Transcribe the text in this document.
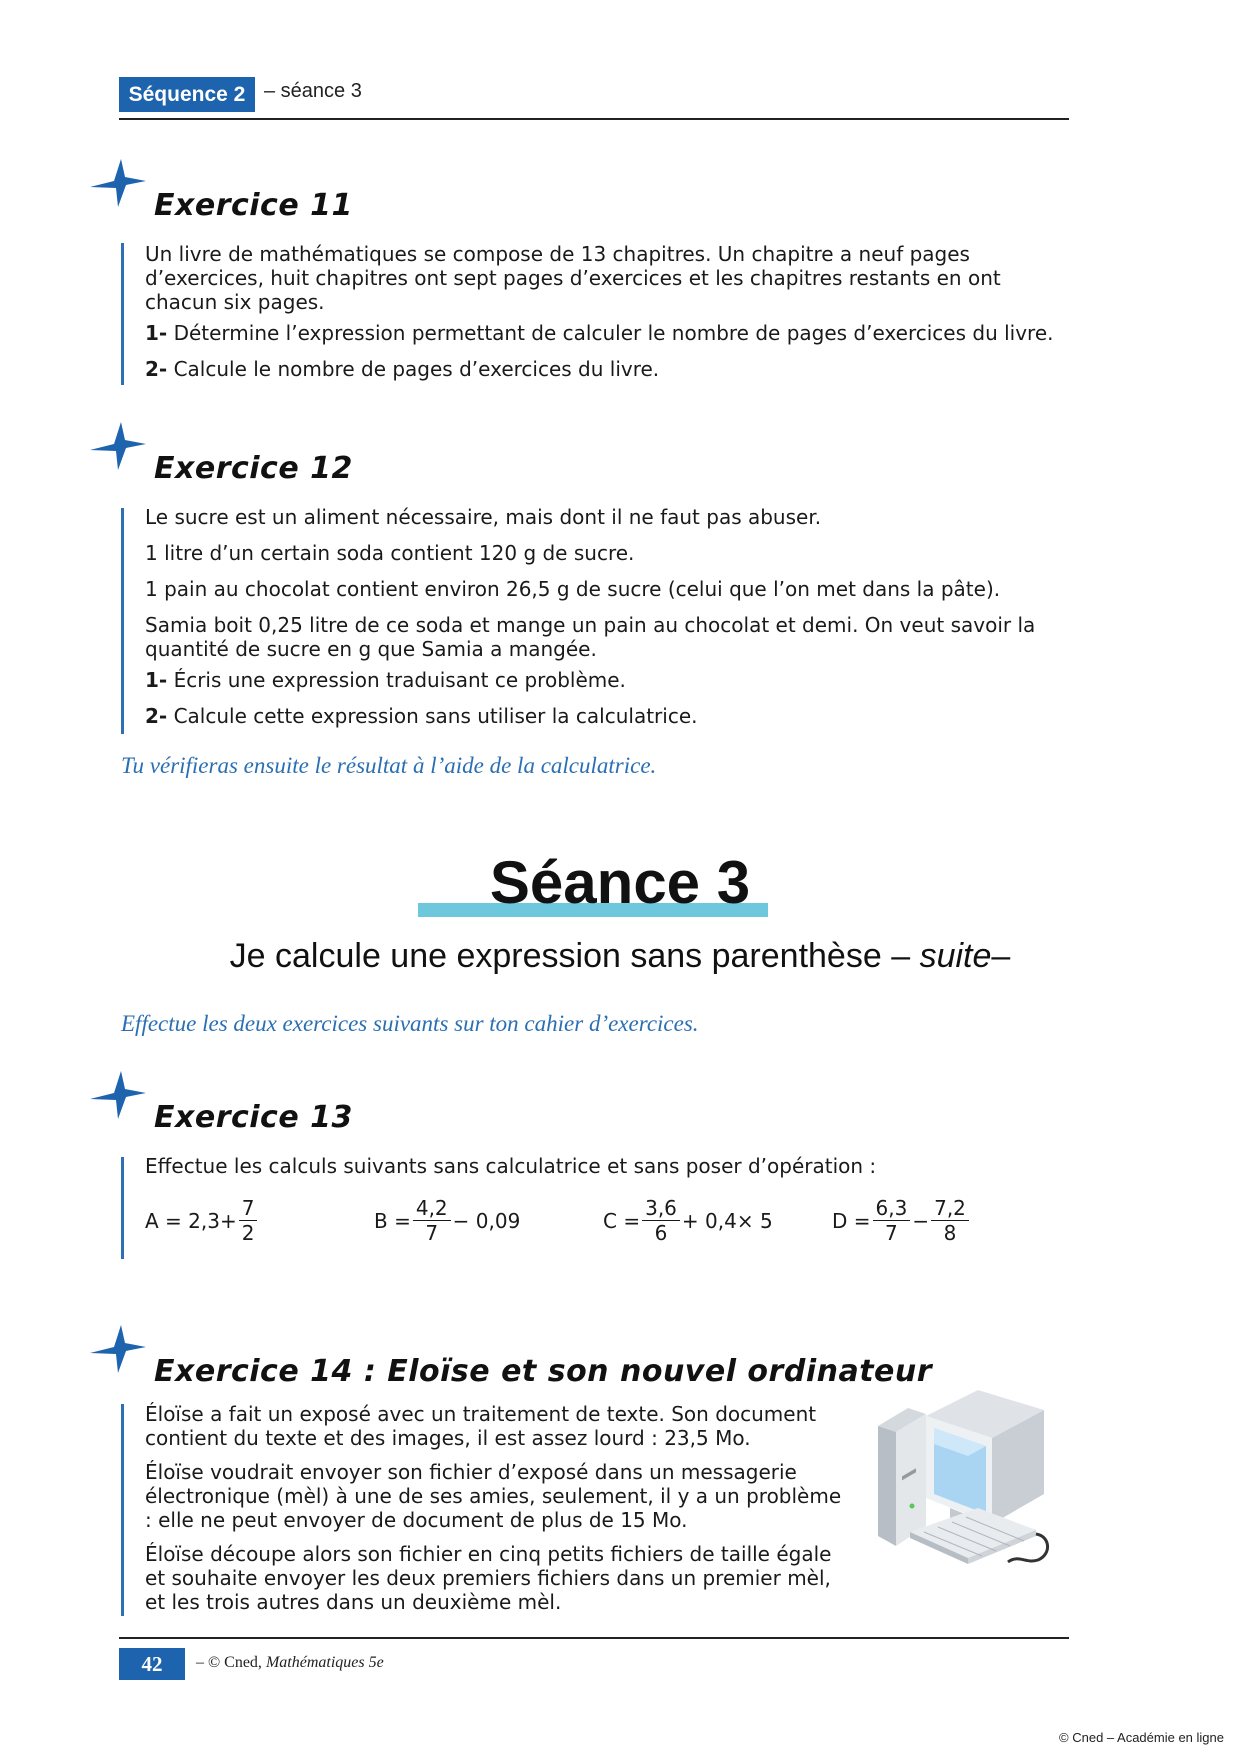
Séquence 2 – séance 3
Exercice 11

Un livre de mathématiques se compose de 13 chapitres. Un chapitre a neuf pages d’exercices, huit chapitres ont sept pages d’exercices et les chapitres restants en ont chacun six pages.

1- Détermine l’expression permettant de calculer le nombre de pages d’exercices du livre.

2- Calcule le nombre de pages d’exercices du livre.

Exercice 12

Le sucre est un aliment nécessaire, mais dont il ne faut pas abuser.

1 litre d’un certain soda contient 120 g de sucre.

1 pain au chocolat contient environ 26,5 g de sucre (celui que l’on met dans la pâte).

Samia boit 0,25 litre de ce soda et mange un pain au chocolat et demi. On veut savoir la quantité de sucre en g que Samia a mangée.

1- Écris une expression traduisant ce problème.

2- Calcule cette expression sans utiliser la calculatrice.

Tu vérifieras ensuite le résultat à l’aide de la calculatrice.
Séance 3
Je calcule une expression sans parenthèse – suite–
Effectue les deux exercices suivants sur ton cahier d’exercices.
Exercice 13
Effectue les calculs suivants sans calculatrice et sans poser d’opération :
$A = 2,3+ \frac{7}{2}$	$B = \frac{4,2}{7} - 0,09$	$C = \frac{3,6}{6} + 0,4\times 5$	$D = \frac{6,3}{7} - \frac{7,2}{8}$
Exercice 14 : Eloïse et son nouvel ordinateur

Éloïse a fait un exposé avec un traitement de texte. Son document contient du texte et des images, il est assez lourd : 23,5 Mo.

Éloïse voudrait envoyer son fichier d’exposé dans un messagerie électronique (mèl) à une de ses amies, seulement, il y a un problème : elle ne peut envoyer de document de plus de 15 Mo.

Éloïse découpe alors son fichier en cinq petits fichiers de taille égale et souhaite envoyer les deux premiers fichiers dans un premier mèl, et les trois autres dans un deuxième mèl.

42	– © Cned, Mathématiques 5e
© Cned – Académie en ligne
